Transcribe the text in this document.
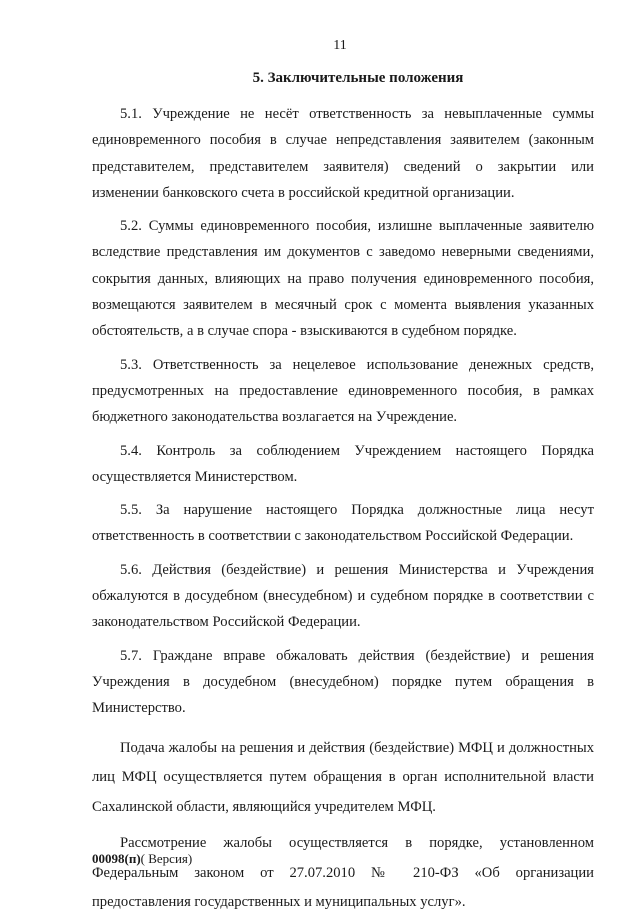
11
5. Заключительные положения

5.1. Учреждение не несёт ответственность за невыплаченные суммы единовременного пособия в случае непредставления заявителем (законным представителем, представителем заявителя) сведений о закрытии или изменении банковского счета в российской кредитной организации.

5.2. Суммы единовременного пособия, излишне выплаченные заявителю вследствие представления им документов с заведомо неверными сведениями, сокрытия данных, влияющих на право получения единовременного пособия, возмещаются заявителем в месячный срок с момента выявления указанных обстоятельств, а в случае спора - взыскиваются в судебном порядке.

5.3. Ответственность за нецелевое использование денежных средств, предусмотренных на предоставление единовременного пособия, в рамках бюджетного законодательства возлагается на Учреждение.

5.4. Контроль за соблюдением Учреждением настоящего Порядка осуществляется Министерством.

5.5. За нарушение настоящего Порядка должностные лица несут ответственность в соответствии с законодательством Российской Федерации.

5.6. Действия (бездействие) и решения Министерства и Учреждения обжалуются в досудебном (внесудебном) и судебном порядке в соответствии с законодательством Российской Федерации.

5.7. Граждане вправе обжаловать действия (бездействие) и решения Учреждения в досудебном (внесудебном) порядке путем обращения в Министерство.

Подача жалобы на решения и действия (бездействие) МФЦ и должностных лиц МФЦ осуществляется путем обращения в орган исполнительной власти Сахалинской области, являющийся учредителем МФЦ.

Рассмотрение жалобы осуществляется в порядке, установленном Федеральным законом от 27.07.2010 № 210-ФЗ «Об организации предоставления государственных и муниципальных услуг».

00098(п)( Версия)
